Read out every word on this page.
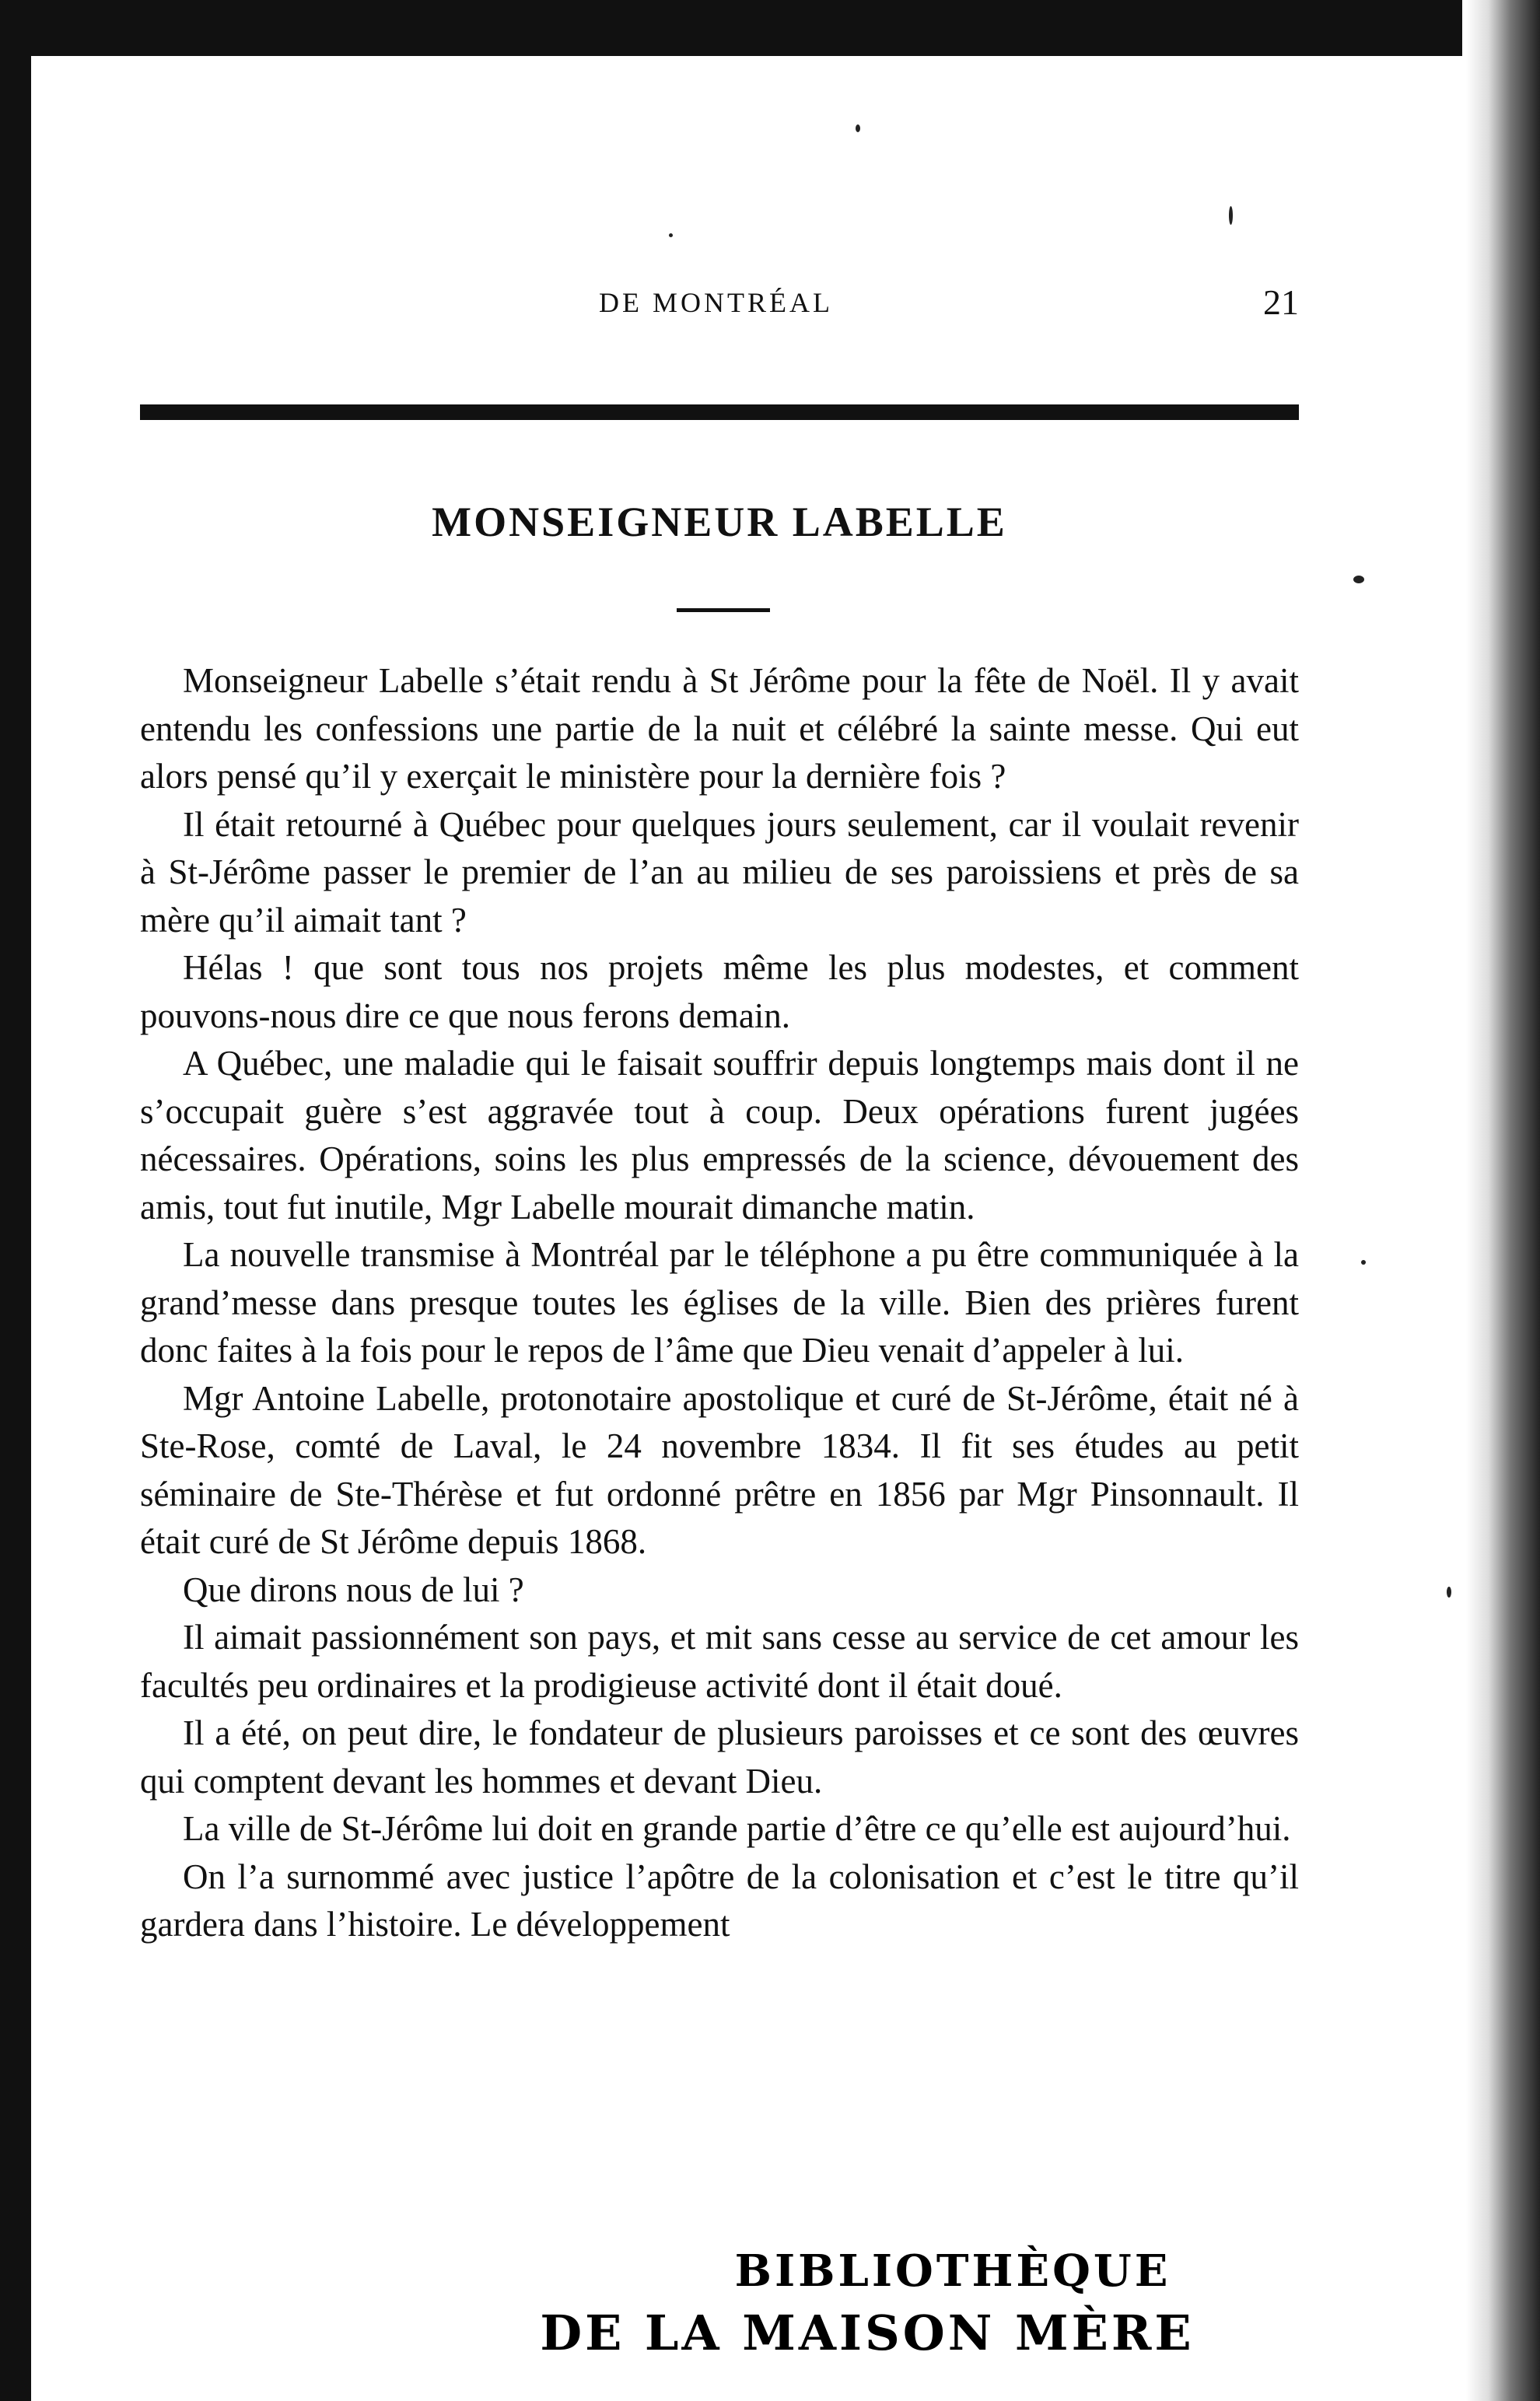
DE MONTRÉAL	21
MONSEIGNEUR LABELLE

Monseigneur Labelle s’était rendu à St Jérôme pour la fête de Noël. Il y avait entendu les confessions une partie de la nuit et célébré la sainte messe. Qui eut alors pensé qu’il y exerçait le ministère pour la dernière fois ?

Il était retourné à Québec pour quelques jours seulement, car il voulait revenir à St-Jérôme passer le premier de l’an au milieu de ses paroissiens et près de sa mère qu’il aimait tant ?

Hélas ! que sont tous nos projets même les plus modestes, et comment pouvons-nous dire ce que nous ferons demain.

A Québec, une maladie qui le faisait souffrir depuis longtemps mais dont il ne s’occupait guère s’est aggravée tout à coup. Deux opérations furent jugées nécessaires. Opérations, soins les plus empressés de la science, dévouement des amis, tout fut inutile, Mgr Labelle mourait dimanche matin.

La nouvelle transmise à Montréal par le téléphone a pu être communiquée à la grand’messe dans presque toutes les églises de la ville. Bien des prières furent donc faites à la fois pour le repos de l’âme que Dieu venait d’appeler à lui.

Mgr Antoine Labelle, protonotaire apostolique et curé de St-Jérôme, était né à Ste-Rose, comté de Laval, le 24 novembre 1834. Il fit ses études au petit séminaire de Ste-Thérèse et fut ordonné prêtre en 1856 par Mgr Pinsonnault. Il était curé de St Jérôme depuis 1868.

Que dirons nous de lui ?

Il aimait passionnément son pays, et mit sans cesse au service de cet amour les facultés peu ordinaires et la prodigieuse activité dont il était doué.

Il a été, on peut dire, le fondateur de plusieurs paroisses et ce sont des œuvres qui comptent devant les hommes et devant Dieu.

La ville de St-Jérôme lui doit en grande partie d’être ce qu’elle est aujourd’hui.

On l’a surnommé avec justice l’apôtre de la colonisation et c’est le titre qu’il gardera dans l’histoire. Le développement

BIBLIOTHÈQUE
DE LA MAISON MÈRE
